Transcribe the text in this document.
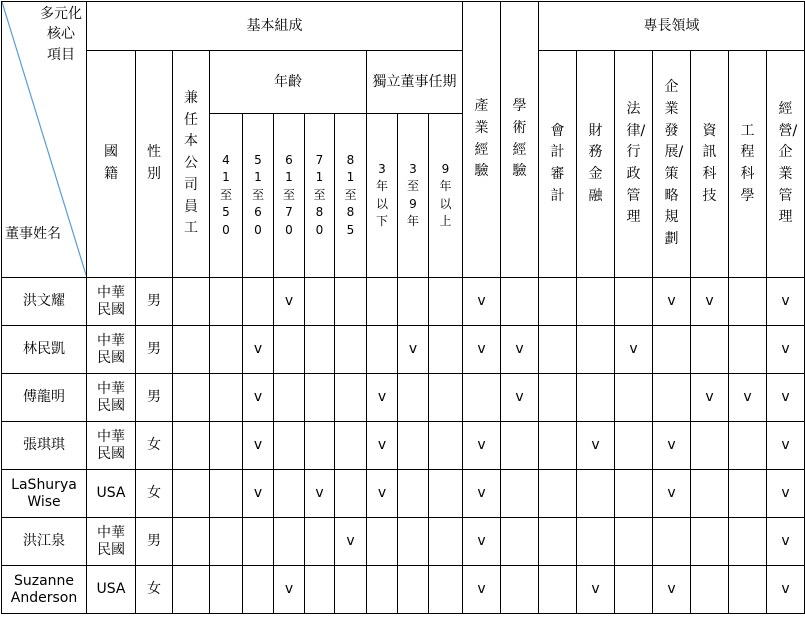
多元化
核心
項目
董事姓名	基本組成											產業經驗	學術經驗	專長領域						
	國籍	性別	兼任本公司員工	年齡					獨立董事任期					會計審計	財務金融	法律/行政管理	企業發展/策略規劃	資訊科技	工程科學	經營/企業管理
				41至50	51至60	61至70	71至80	81至85	3年以下	3至9年	9年以上									
洪文耀	中華民國	男				v						v					v	v		v
林民凱	中華民國	男			v					v		v	v			v				v
傅龍明	中華民國	男			v				v				v					v	v	v
張琪琪	中華民國	女			v				v			v			v		v			v
LaShurya Wise	USA	女			v		v		v			v					v			v
洪江泉	中華民國	男						v				v								v
Suzanne Anderson	USA	女				v						v			v		v			v
